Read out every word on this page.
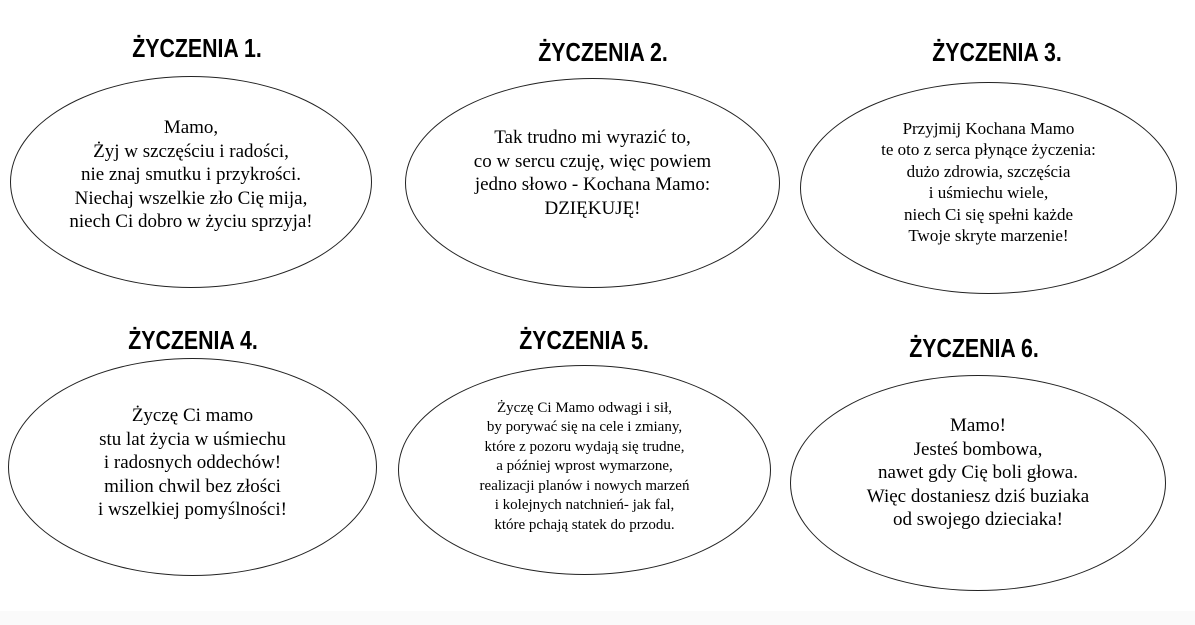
ŻYCZENIA 1.	ŻYCZENIA 2.	ŻYCZENIA 3.
ŻYCZENIA 4.	ŻYCZENIA 5.	ŻYCZENIA 6.
Mamo,
Żyj w szczęściu i radości,
nie znaj smutku i przykrości.
Niechaj wszelkie zło Cię mija,
niech Ci dobro w życiu sprzyja!
Tak trudno mi wyrazić to,
co w sercu czuję, więc powiem
jedno słowo - Kochana Mamo:
DZIĘKUJĘ!
Przyjmij Kochana Mamo
te oto z serca płynące życzenia:
dużo zdrowia, szczęścia
i uśmiechu wiele,
niech Ci się spełni każde
Twoje skryte marzenie!
Życzę Ci mamo
stu lat życia w uśmiechu
i radosnych oddechów!
milion chwil bez złości
i wszelkiej pomyślności!
Życzę Ci Mamo odwagi i sił,
by porywać się na cele i zmiany,
które z pozoru wydają się trudne,
a później wprost wymarzone,
realizacji planów i nowych marzeń
i kolejnych natchnień- jak fal,
które pchają statek do przodu.
Mamo!
Jesteś bombowa,
nawet gdy Cię boli głowa.
Więc dostaniesz dziś buziaka
od swojego dzieciaka!
